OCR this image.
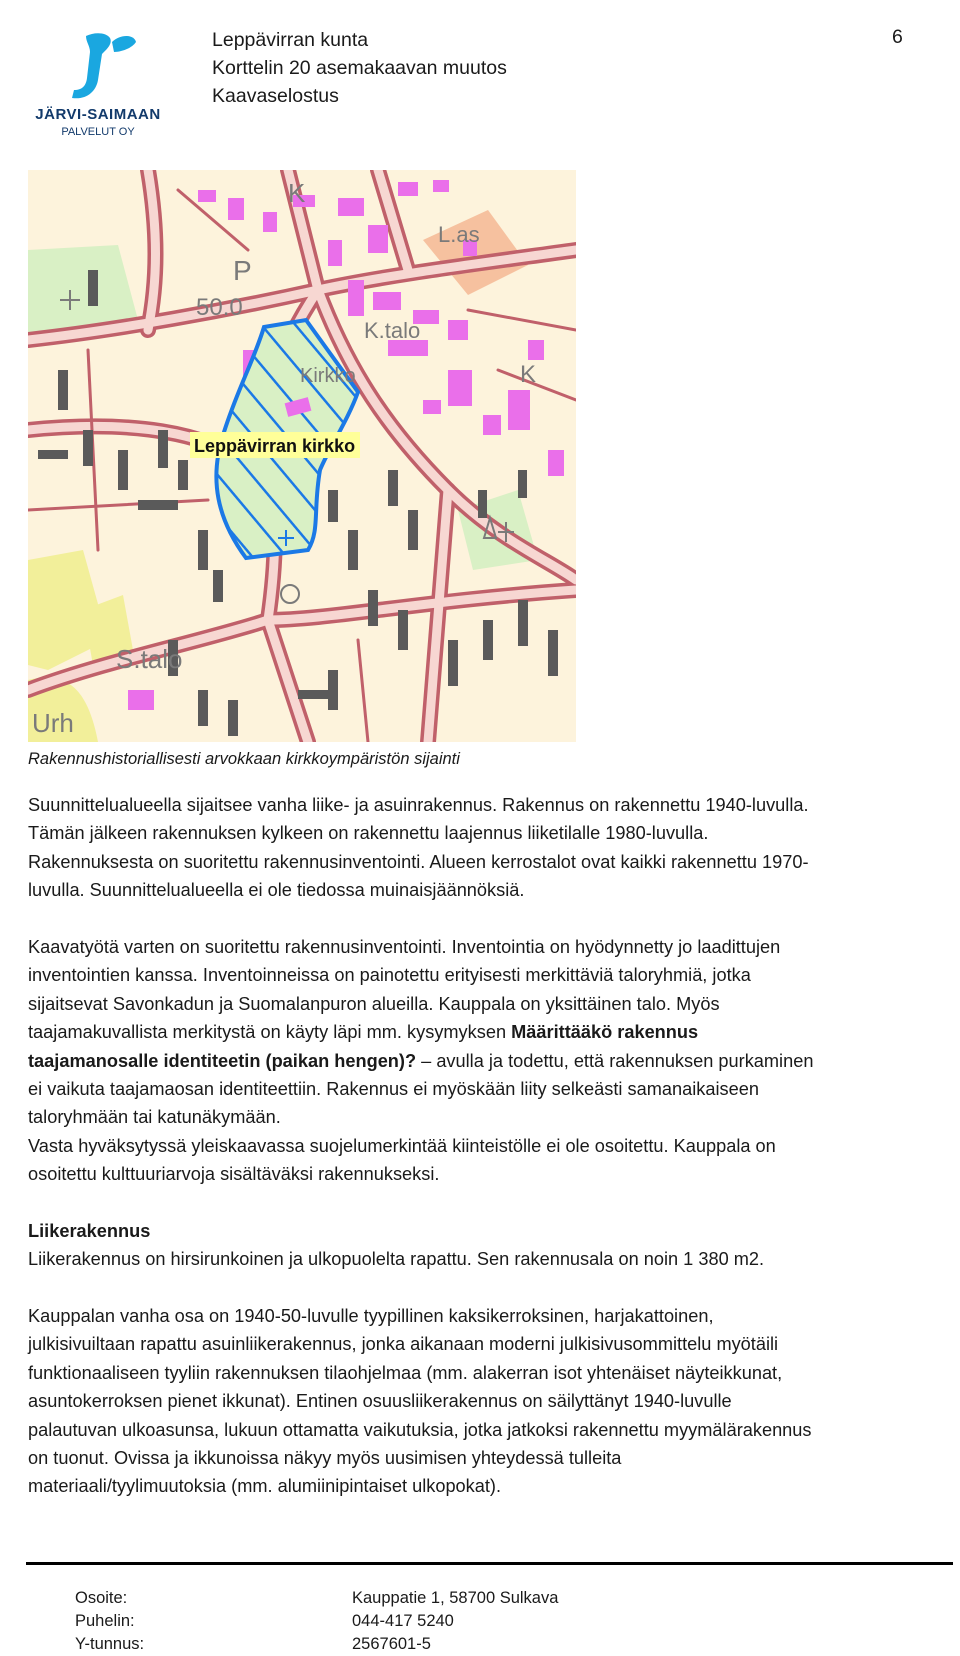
JÄRVI-SAIMAAN
PALVELUT OY
Leppävirran kunta
Korttelin 20 asemakaavan muutos
Kaavaselostus
6
K
P
50.0
L.as
K.talo
Kirkko	K
S.talo
Urh
Leppävirran kirkko
Rakennushistoriallisesti arvokkaan kirkkoympäristön sijainti

Suunnittelualueella sijaitsee vanha liike- ja asuinrakennus. Rakennus on rakennettu 1940-luvulla.

Tämän jälkeen rakennuksen kylkeen on rakennettu laajennus liiketilalle 1980-luvulla.

Rakennuksesta on suoritettu rakennusinventointi. Alueen kerrostalot ovat kaikki rakennettu 1970-

luvulla. Suunnittelualueella ei ole tiedossa muinaisjäännöksiä.

Kaavatyötä varten on suoritettu rakennusinventointi. Inventointia on hyödynnetty jo laadittujen

inventointien kanssa. Inventoinneissa on painotettu erityisesti merkittäviä taloryhmiä, jotka

sijaitsevat Savonkadun ja Suomalanpuron alueilla. Kauppala on yksittäinen talo. Myös

taajamakuvallista merkitystä on käyty läpi mm. kysymyksen Määrittääkö rakennus

taajamanosalle identiteetin (paikan hengen)? – avulla ja todettu, että rakennuksen purkaminen

ei vaikuta taajamaosan identiteettiin. Rakennus ei myöskään liity selkeästi samanaikaiseen

taloryhmään tai katunäkymään.

Vasta hyväksytyssä yleiskaavassa suojelumerkintää kiinteistölle ei ole osoitettu. Kauppala on

osoitettu kulttuuriarvoja sisältäväksi rakennukseksi.

Liikerakennus

Liikerakennus on hirsirunkoinen ja ulkopuolelta rapattu. Sen rakennusala on noin 1 380 m2.

Kauppalan vanha osa on 1940-50-luvulle tyypillinen kaksikerroksinen, harjakattoinen,

julkisivuiltaan rapattu asuinliikerakennus, jonka aikanaan moderni julkisivusommittelu myötäili

funktionaaliseen tyyliin rakennuksen tilaohjelmaa (mm. alakerran isot yhtenäiset näyteikkunat,

asuntokerroksen pienet ikkunat). Entinen osuusliikerakennus on säilyttänyt 1940-luvulle

palautuvan ulkoasunsa, lukuun ottamatta vaikutuksia, jotka jatkoksi rakennettu myymälärakennus

on tuonut. Ovissa ja ikkunoissa näkyy myös uusimisen yhteydessä tulleita

materiaali/tyylimuutoksia (mm. alumiinipintaiset ulkopokat).

Osoite:
Puhelin:
Y-tunnus:
Kauppatie 1, 58700 Sulkava
044-417 5240
2567601-5
